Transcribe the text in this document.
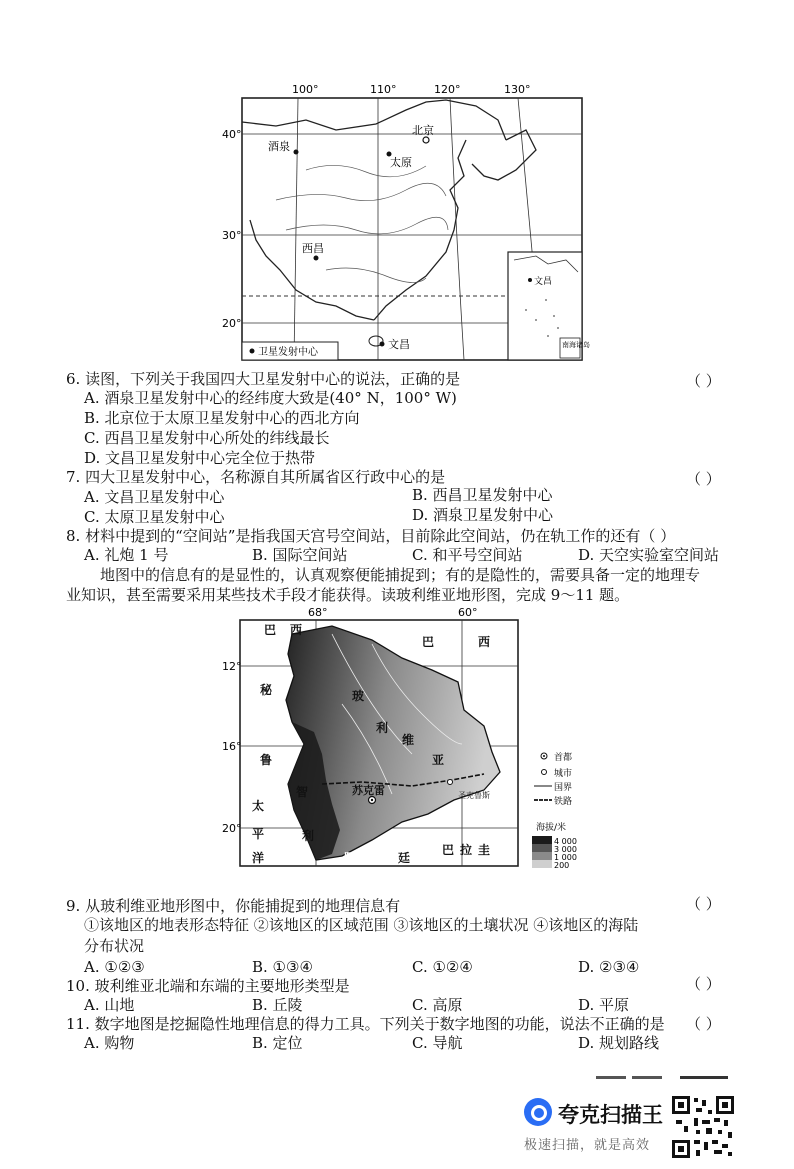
100°	110°	120°	130°
40°
30°
20°
酒泉
北京
太原
西昌
文昌
卫星发射中心
文昌
南海诸岛
6. 读图，下列关于我国四大卫星发射中心的说法，正确的是	（ ）
A. 酒泉卫星发射中心的经纬度大致是(40° N，100° W)
B. 北京位于太原卫星发射中心的西北方向
C. 西昌卫星发射中心所处的纬线最长
D. 文昌卫星发射中心完全位于热带
7. 四大卫星发射中心，名称源自其所属省区行政中心的是	（ ）
A. 文昌卫星发射中心	B. 西昌卫星发射中心
C. 太原卫星发射中心	D. 酒泉卫星发射中心
8. 材料中提到的“空间站”是指我国天宫号空间站，目前除此空间站，仍在轨工作的还有（ ）
A. 礼炮 1 号	B. 国际空间站	C. 和平号空间站	D. 天空实验室空间站
地图中的信息有的是显性的，认真观察便能捕捉到；有的是隐性的，需要具备一定的地理专
业知识，甚至需要采用某些技术手段才能获得。读玻利维亚地形图，完成 9～11 题。
68°	60°
12°
16°
20°
苏克雷	圣克鲁斯
巴 西
巴	西
秘
鲁
玻
利
维
亚
智
利
太
平
洋
巴 拉 圭
阿 根 廷
首都
城市
国界
铁路
海拔/米
4 000
3 000
1 000
200
9. 从玻利维亚地形图中，你能捕捉到的地理信息有	（ ）
①该地区的地表形态特征 ②该地区的区域范围 ③该地区的土壤状况 ④该地区的海陆
分布状况
A. ①②③	B. ①③④	C. ①②④	D. ②③④
10. 玻利维亚北端和东端的主要地形类型是	（ ）
A. 山地	B. 丘陵	C. 高原	D. 平原
11. 数字地图是挖掘隐性地理信息的得力工具。下列关于数字地图的功能，说法不正确的是 （ ）
A. 购物	B. 定位	C. 导航	D. 规划路线
夸克扫描王
极速扫描，就是高效
